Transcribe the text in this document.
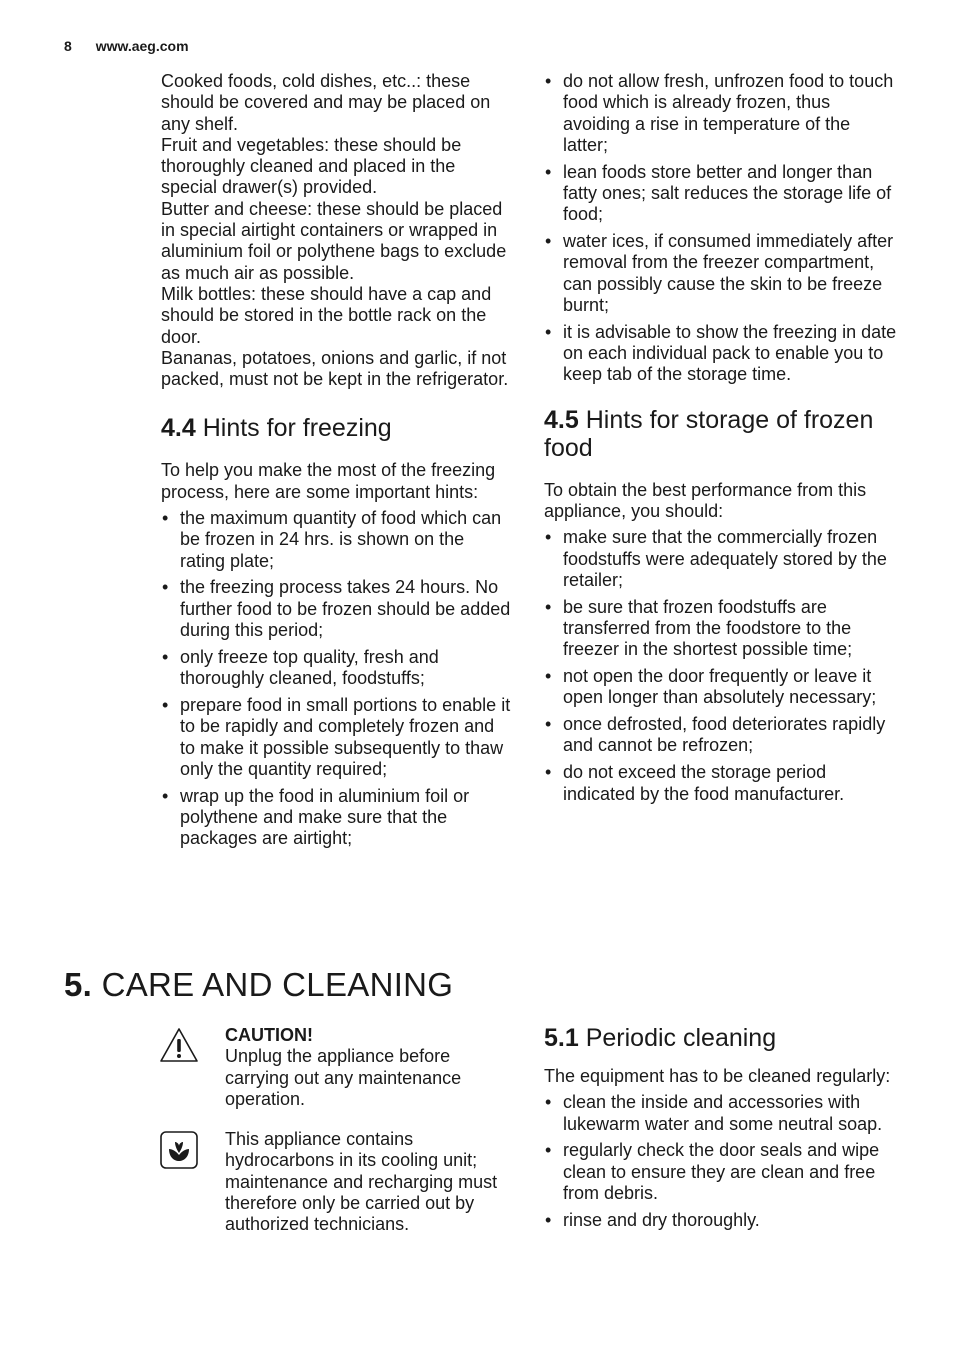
8 www.aeg.com

Cooked foods, cold dishes, etc..: these should be covered and may be placed on any shelf.

Fruit and vegetables: these should be thoroughly cleaned and placed in the special drawer(s) provided.

Butter and cheese: these should be placed in special airtight containers or wrapped in aluminium foil or polythene bags to exclude as much air as possible.

Milk bottles: these should have a cap and should be stored in the bottle rack on the door.

Bananas, potatoes, onions and garlic, if not packed, must not be kept in the refrigerator.

4.4 Hints for freezing

To help you make the most of the freezing process, here are some important hints:

• the maximum quantity of food which can be frozen in 24 hrs. is shown on the rating plate;
• the freezing process takes 24 hours. No further food to be frozen should be added during this period;
• only freeze top quality, fresh and thoroughly cleaned, foodstuffs;
• prepare food in small portions to enable it to be rapidly and completely frozen and to make it possible subsequently to thaw only the quantity required;
• wrap up the food in aluminium foil or polythene and make sure that the packages are airtight;
• do not allow fresh, unfrozen food to touch food which is already frozen, thus avoiding a rise in temperature of the latter;
• lean foods store better and longer than fatty ones; salt reduces the storage life of food;
• water ices, if consumed immediately after removal from the freezer compartment, can possibly cause the skin to be freeze burnt;
• it is advisable to show the freezing in date on each individual pack to enable you to keep tab of the storage time.
4.5 Hints for storage of frozen food

To obtain the best performance from this appliance, you should:

• make sure that the commercially frozen foodstuffs were adequately stored by the retailer;
• be sure that frozen foodstuffs are transferred from the foodstore to the freezer in the shortest possible time;
• not open the door frequently or leave it open longer than absolutely necessary;
• once defrosted, food deteriorates rapidly and cannot be refrozen;
• do not exceed the storage period indicated by the food manufacturer.
5. CARE AND CLEANING
CAUTION!
Unplug the appliance before carrying out any maintenance operation.
This appliance contains hydrocarbons in its cooling unit; maintenance and recharging must therefore only be carried out by authorized technicians.
5.1 Periodic cleaning

The equipment has to be cleaned regularly:

• clean the inside and accessories with lukewarm water and some neutral soap.
• regularly check the door seals and wipe clean to ensure they are clean and free from debris.
• rinse and dry thoroughly.
